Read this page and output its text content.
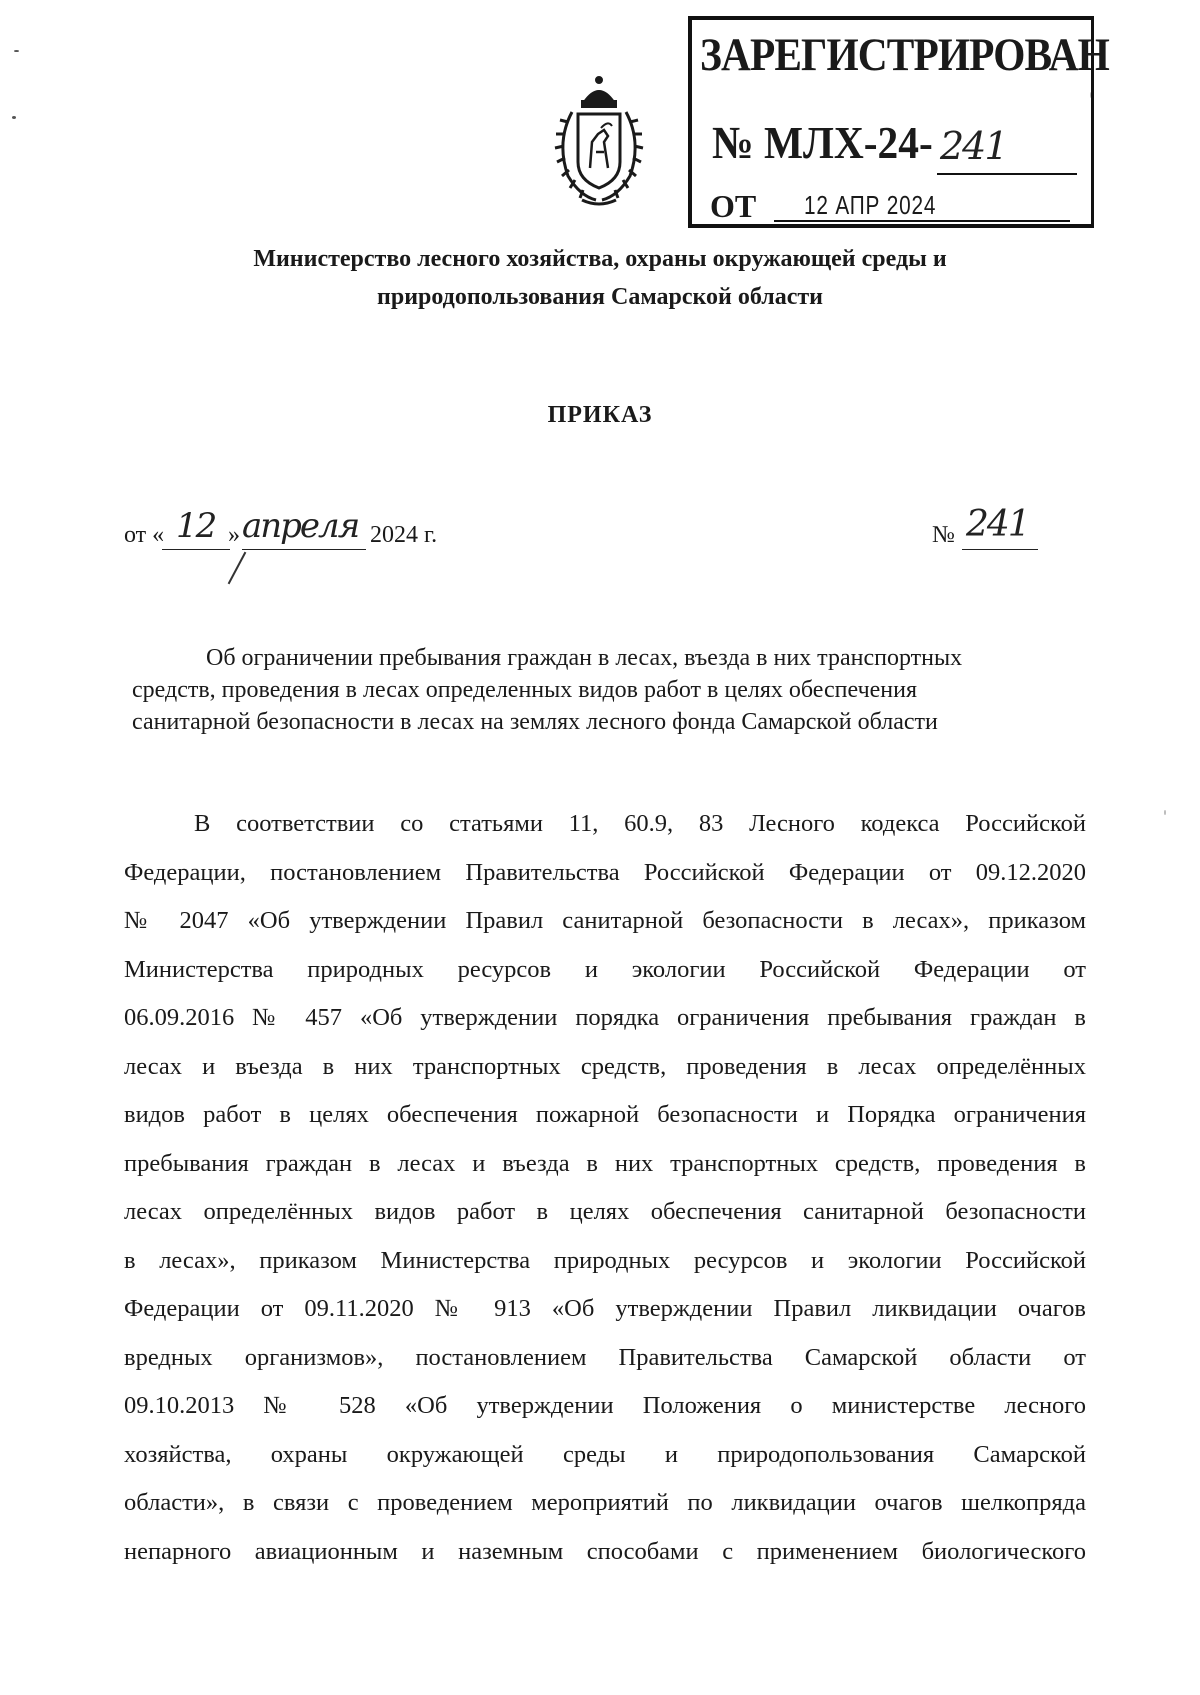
ЗАРЕГИСТРИРОВАН
№ МЛХ-24- 241
ОТ 12 АПР 2024
Министерство лесного хозяйства, охраны окружающей среды и
природопользования Самарской области
ПРИКАЗ
от « 12 » апреля 2024 г.	№ 241
Об ограничении пребывания граждан в лесах, въезда в них транспортных
средств, проведения в лесах определенных видов работ в целях обеспечения
санитарной безопасности в лесах на землях лесного фонда Самарской области
В соответствии со статьями 11, 60.9, 83 Лесного кодекса Российской
Федерации, постановлением Правительства Российской Федерации от 09.12.2020
№ 2047 «Об утверждении Правил санитарной безопасности в лесах», приказом
Министерства природных ресурсов и экологии Российской Федерации от
06.09.2016 № 457 «Об утверждении порядка ограничения пребывания граждан в
лесах и въезда в них транспортных средств, проведения в лесах определённых
видов работ в целях обеспечения пожарной безопасности и Порядка ограничения
пребывания граждан в лесах и въезда в них транспортных средств, проведения в
лесах определённых видов работ в целях обеспечения санитарной безопасности
в лесах», приказом Министерства природных ресурсов и экологии Российской
Федерации от 09.11.2020 № 913 «Об утверждении Правил ликвидации очагов
вредных организмов», постановлением Правительства Самарской области от
09.10.2013 № 528 «Об утверждении Положения о министерстве лесного
хозяйства, охраны окружающей среды и природопользования Самарской
области», в связи с проведением мероприятий по ликвидации очагов шелкопряда
непарного авиационным и наземным способами с применением биологического
